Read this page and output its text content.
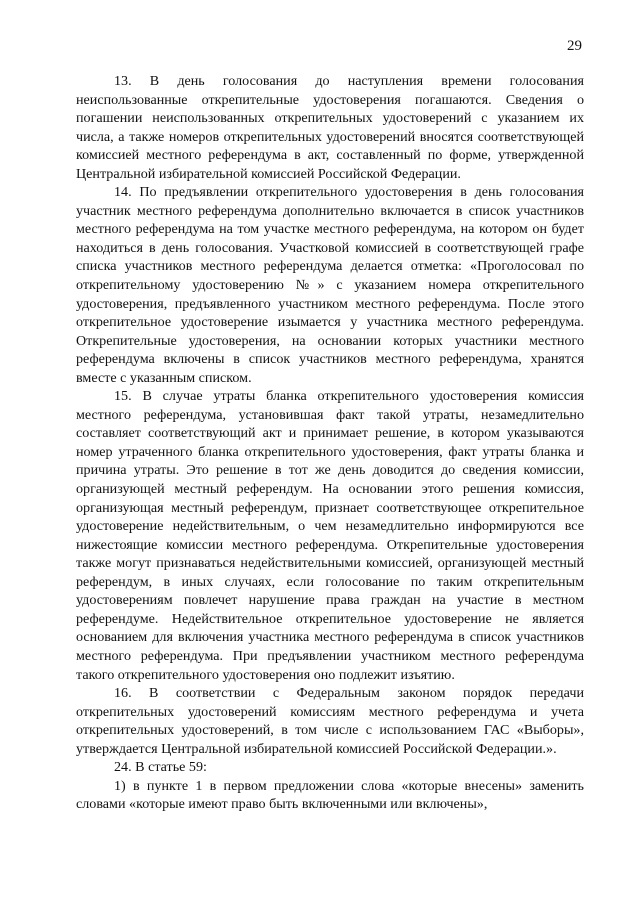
29

13. В день голосования до наступления времени голосования неиспользованные открепительные удостоверения погашаются. Сведения о погашении неиспользованных открепительных удостоверений с указанием их числа, а также номеров открепительных удостоверений вносятся соответствующей комиссией местного референдума в акт, составленный по форме, утвержденной Центральной избирательной комиссией Российской Федерации.

14. По предъявлении открепительного удостоверения в день голосования участник местного референдума дополнительно включается в список участников местного референдума на том участке местного референдума, на котором он будет находиться в день голосования. Участковой комиссией в соответствующей графе списка участников местного референдума делается отметка: «Проголосовал по открепительному удостоверению №» с указанием номера открепительного удостоверения, предъявленного участником местного референдума. После этого открепительное удостоверение изымается у участника местного референдума. Открепительные удостоверения, на основании которых участники местного референдума включены в список участников местного референдума, хранятся вместе с указанным списком.

15. В случае утраты бланка открепительного удостоверения комиссия местного референдума, установившая факт такой утраты, незамедлительно составляет соответствующий акт и принимает решение, в котором указываются номер утраченного бланка открепительного удостоверения, факт утраты бланка и причина утраты. Это решение в тот же день доводится до сведения комиссии, организующей местный референдум. На основании этого решения комиссия, организующая местный референдум, признает соответствующее открепительное удостоверение недействительным, о чем незамедлительно информируются все нижестоящие комиссии местного референдума. Открепительные удостоверения также могут признаваться недействительными комиссией, организующей местный референдум, в иных случаях, если голосование по таким открепительным удостоверениям повлечет нарушение права граждан на участие в местном референдуме. Недействительное открепительное удостоверение не является основанием для включения участника местного референдума в список участников местного референдума. При предъявлении участником местного референдума такого открепительного удостоверения оно подлежит изъятию.

16. В соответствии с Федеральным законом порядок передачи открепительных удостоверений комиссиям местного референдума и учета открепительных удостоверений, в том числе с использованием ГАС «Выборы», утверждается Центральной избирательной комиссией Российской Федерации.».

24. В статье 59:

1) в пункте 1 в первом предложении слова «которые внесены» заменить словами «которые имеют право быть включенными или включены»,
